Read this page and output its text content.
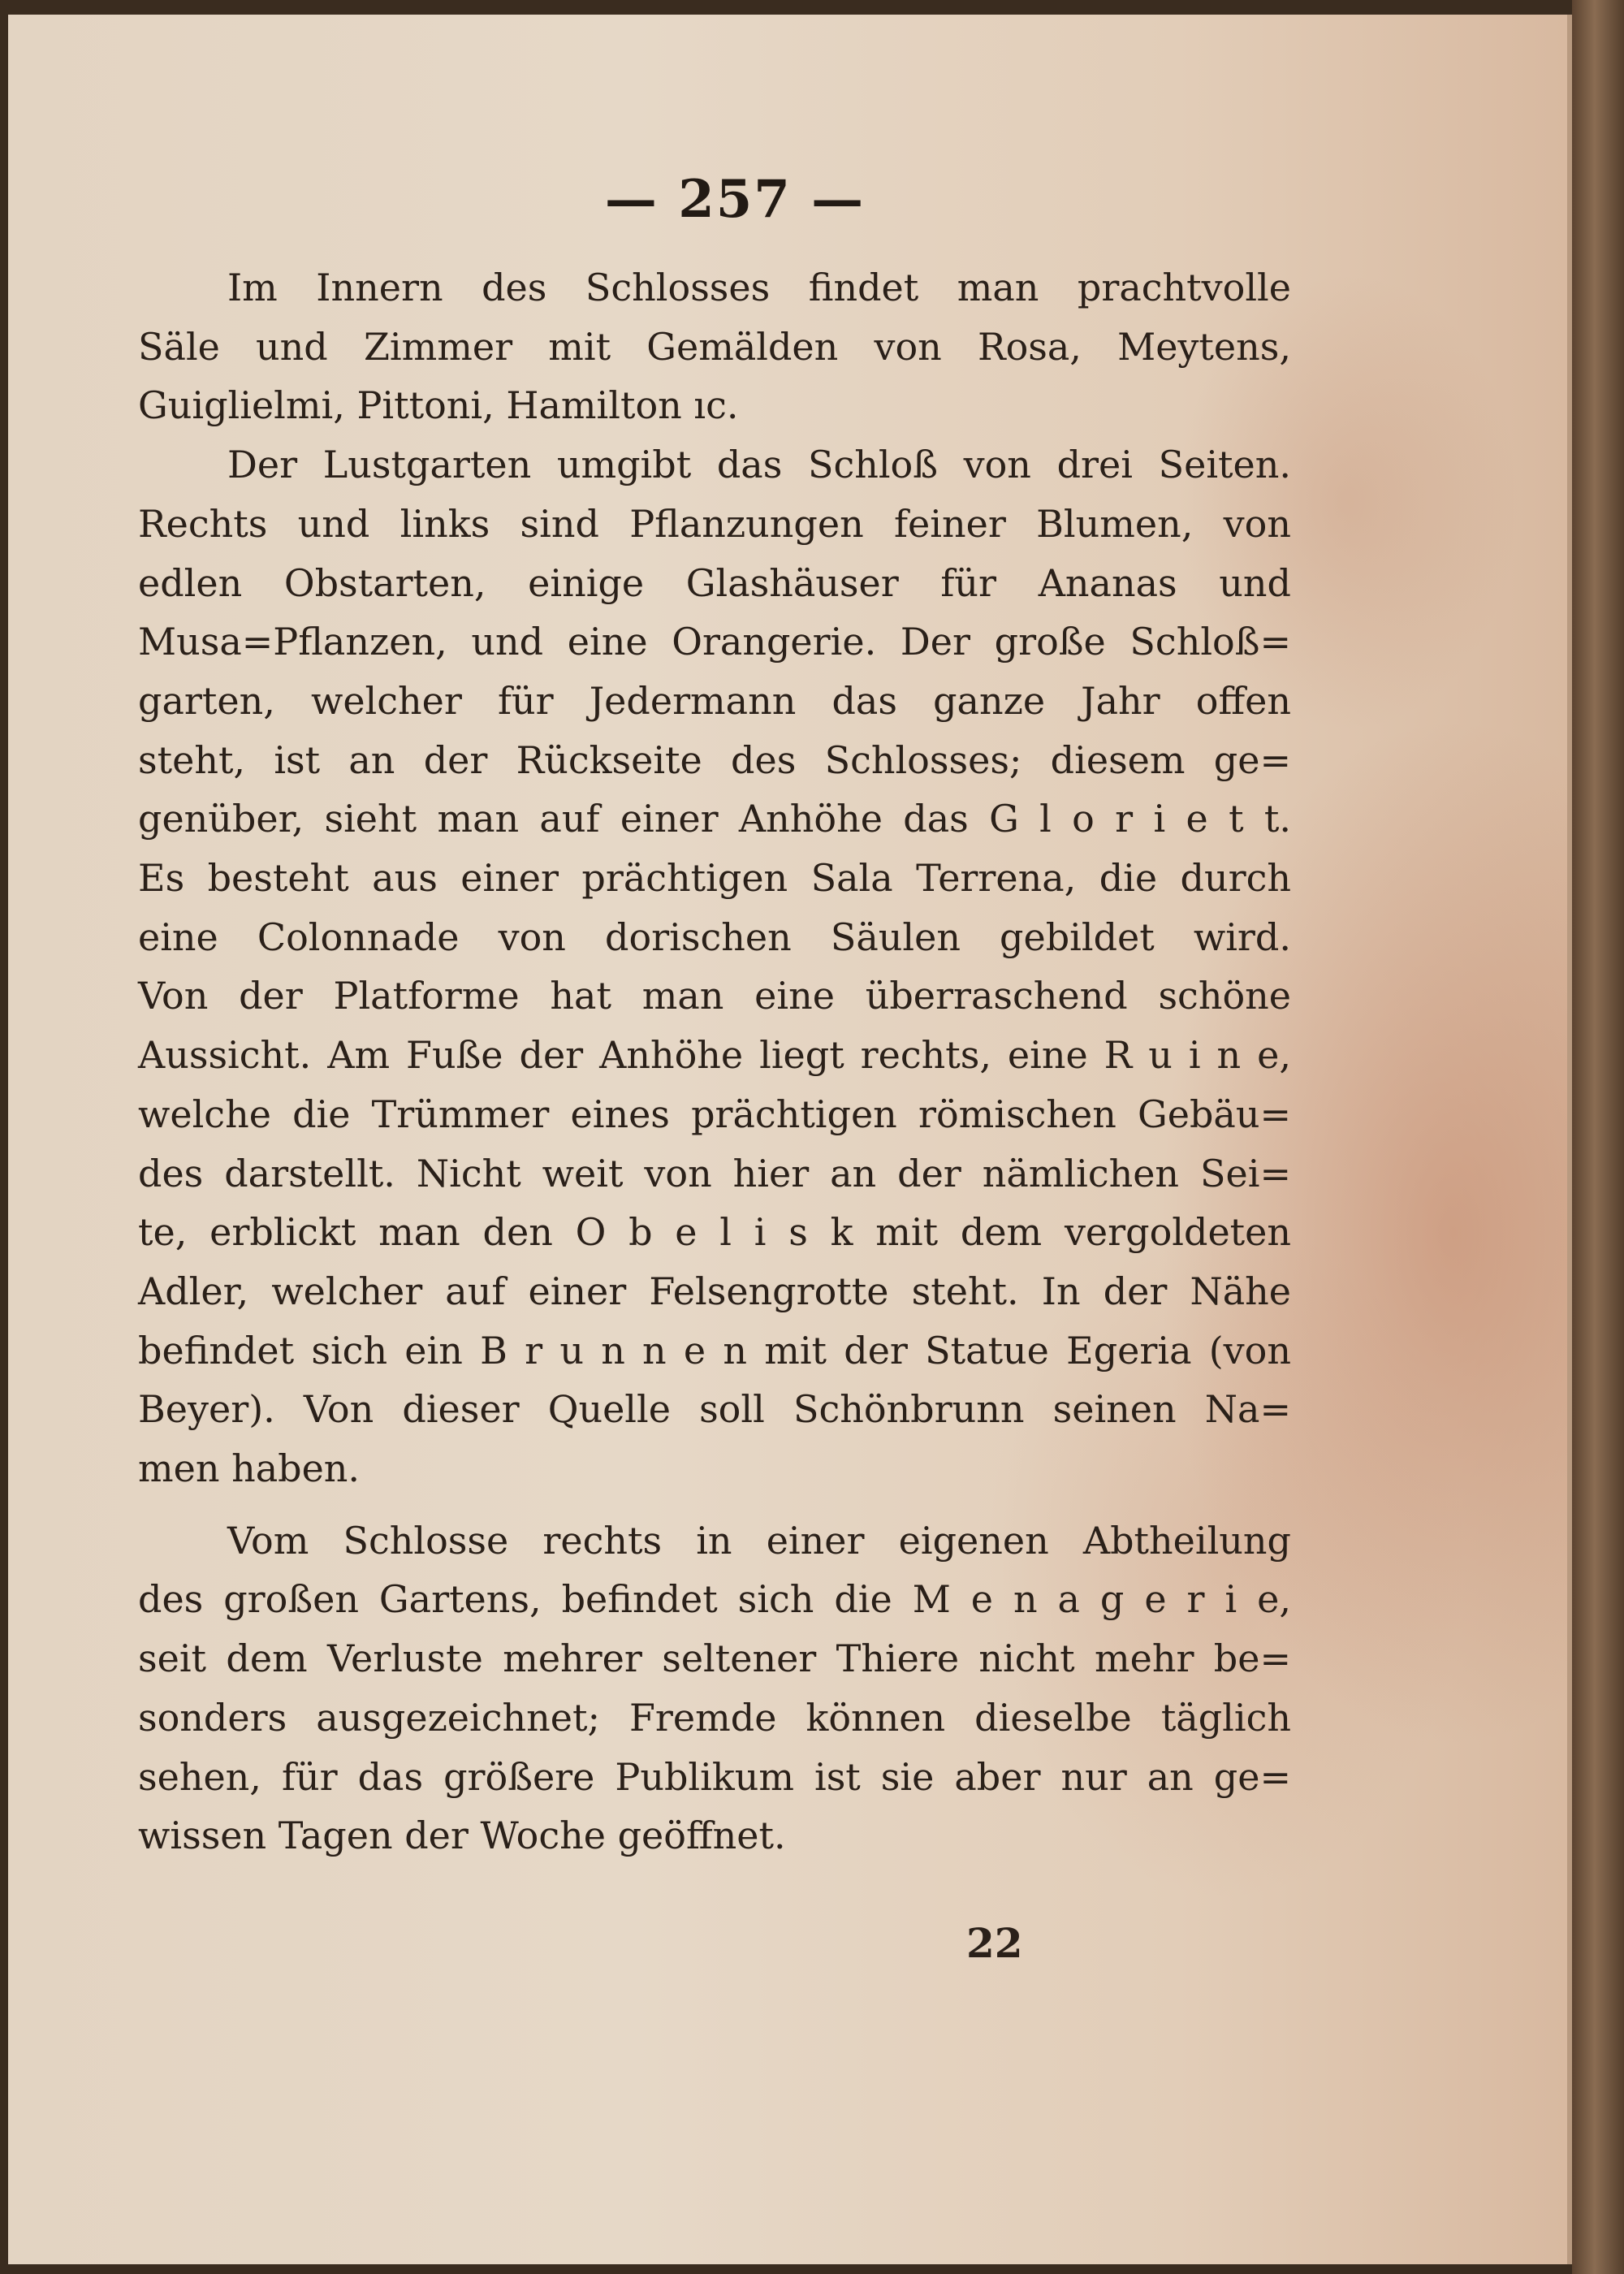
— 257 —
Im Innern des Schlosses findet man prachtvolle
Säle und Zimmer mit Gemälden von Rosa, Meytens,
Guiglielmi, Pittoni, Hamilton ıc.
Der Lustgarten umgibt das Schloß von drei Seiten.
Rechts und links sind Pflanzungen feiner Blumen, von
edlen Obstarten, einige Glashäuser für Ananas und
Musa=Pflanzen, und eine Orangerie. Der große Schloß=
garten, welcher für Jedermann das ganze Jahr offen
steht, ist an der Rückseite des Schlosses; diesem ge=
genüber, sieht man auf einer Anhöhe das G l o r i e t t.
Es besteht aus einer prächtigen Sala Terrena, die durch
eine Colonnade von dorischen Säulen gebildet wird.
Von der Platforme hat man eine überraschend schöne
Aussicht. Am Fuße der Anhöhe liegt rechts, eine R u i n e,
welche die Trümmer eines prächtigen römischen Gebäu=
des darstellt. Nicht weit von hier an der nämlichen Sei=
te, erblickt man den O b e l i s k mit dem vergoldeten
Adler, welcher auf einer Felsengrotte steht. In der Nähe
befindet sich ein B r u n n e n mit der Statue Egeria (von
Beyer). Von dieser Quelle soll Schönbrunn seinen Na=
men haben.
Vom Schlosse rechts in einer eigenen Abtheilung
des großen Gartens, befindet sich die M e n a g e r i e,
seit dem Verluste mehrer seltener Thiere nicht mehr be=
sonders ausgezeichnet; Fremde können dieselbe täglich
sehen, für das größere Publikum ist sie aber nur an ge=
wissen Tagen der Woche geöffnet.
22
